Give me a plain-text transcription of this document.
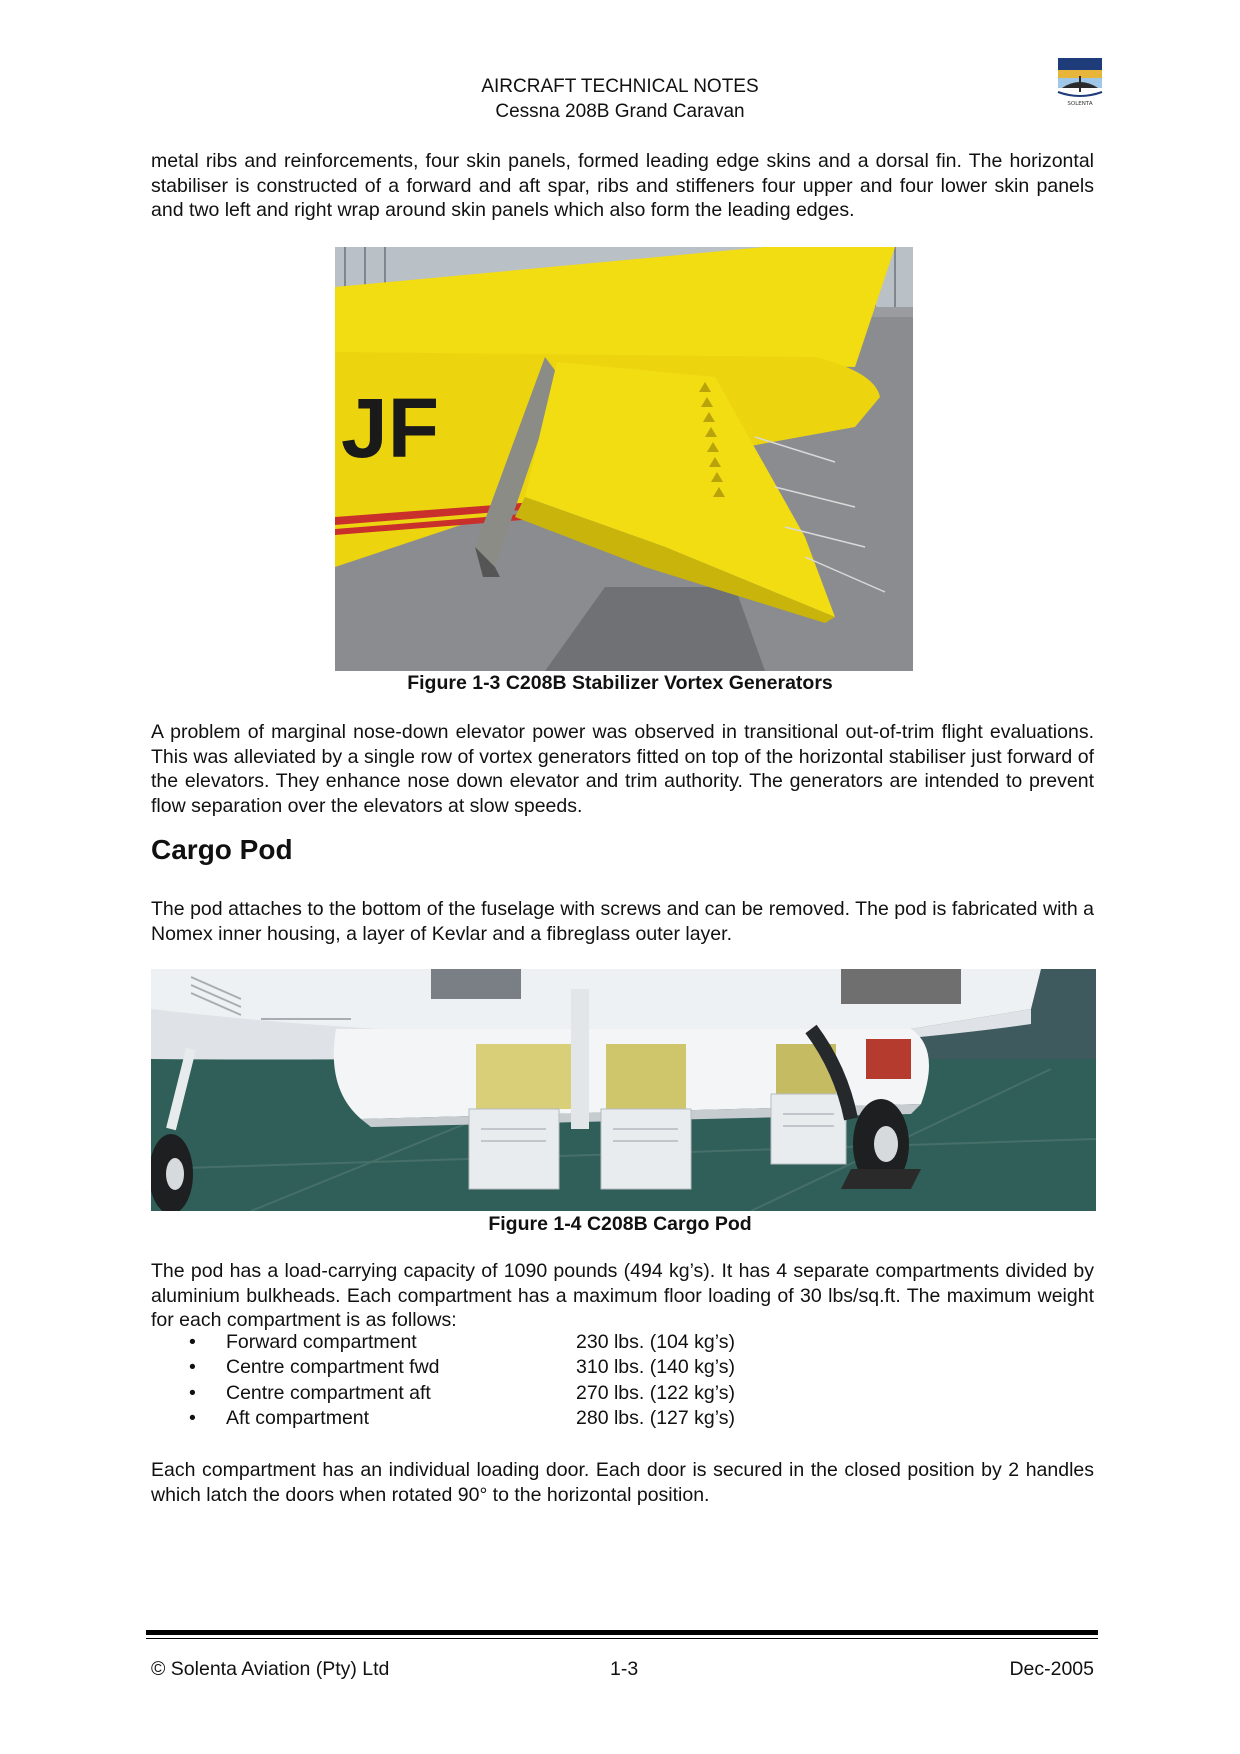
AIRCRAFT TECHNICAL NOTES
Cessna 208B Grand Caravan	SOLENTA
metal ribs and reinforcements, four skin panels, formed leading edge skins and a dorsal fin. The horizontal stabiliser is constructed of a forward and aft spar, ribs and stiffeners four upper and four lower skin panels and two left and right wrap around skin panels which also form the leading edges.
JF
Figure 1-3 C208B Stabilizer Vortex Generators
A problem of marginal nose-down elevator power was observed in transitional out-of-trim flight evaluations. This was alleviated by a single row of vortex generators fitted on top of the horizontal stabiliser just forward of the elevators. They enhance nose down elevator and trim authority. The generators are intended to prevent flow separation over the elevators at slow speeds.
Cargo Pod
The pod attaches to the bottom of the fuselage with screws and can be removed. The pod is fabricated with a Nomex inner housing, a layer of Kevlar and a fibreglass outer layer.
Figure 1-4 C208B Cargo Pod
The pod has a load-carrying capacity of 1090 pounds (494 kg’s). It has 4 separate compartments divided by aluminium bulkheads. Each compartment has a maximum floor loading of 30 lbs/sq.ft. The maximum weight for each compartment is as follows:
• Forward compartment	230 lbs. (104 kg’s)
• Centre compartment fwd	310 lbs. (140 kg’s)
• Centre compartment aft	270 lbs. (122 kg’s)
• Aft compartment	280 lbs. (127 kg’s)
Each compartment has an individual loading door. Each door is secured in the closed position by 2 handles which latch the doors when rotated 90° to the horizontal position.
© Solenta Aviation (Pty) Ltd	1-3	Dec-2005
